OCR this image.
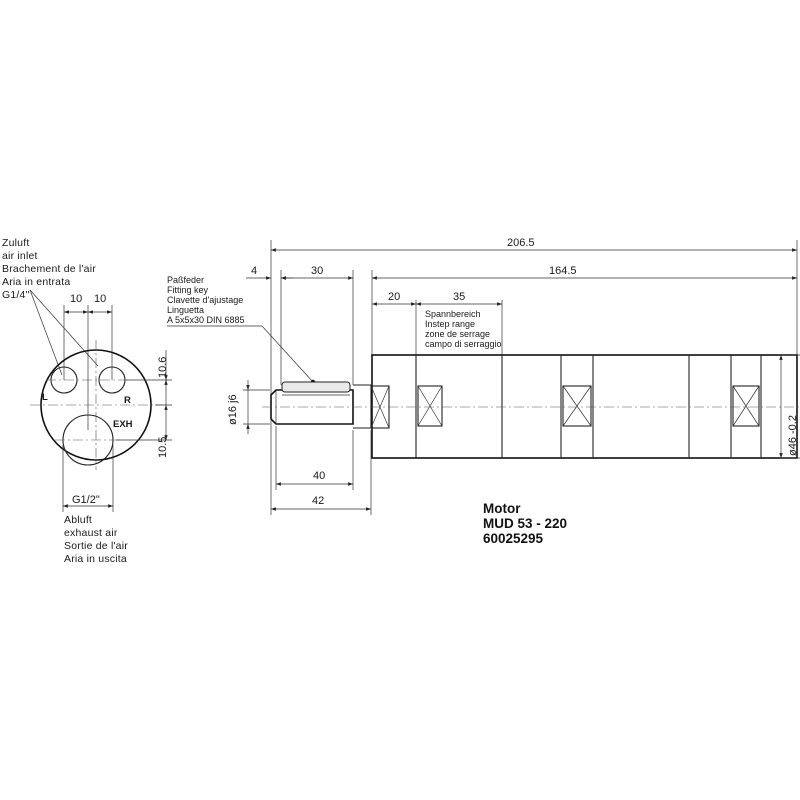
Zuluft
air inlet
Brachement de l'air
Aria in entrata
G1/4"	10 10
L	R
EXH
10.6
10.5
G1/2"
Abluft
exhaust air
Sortie de l'air
Aria in uscita
206.5
4	30	164.5
20	35
Spannbereich
Instep range
zone de serrage
campo di serraggio
Paßfeder
Fitting key
Clavette d'ajustage
Linguetta
A 5x5x30 DIN 6885
ø16 j6
ø46 -0.2
40
42	Motor
MUD 53 - 220
60025295
